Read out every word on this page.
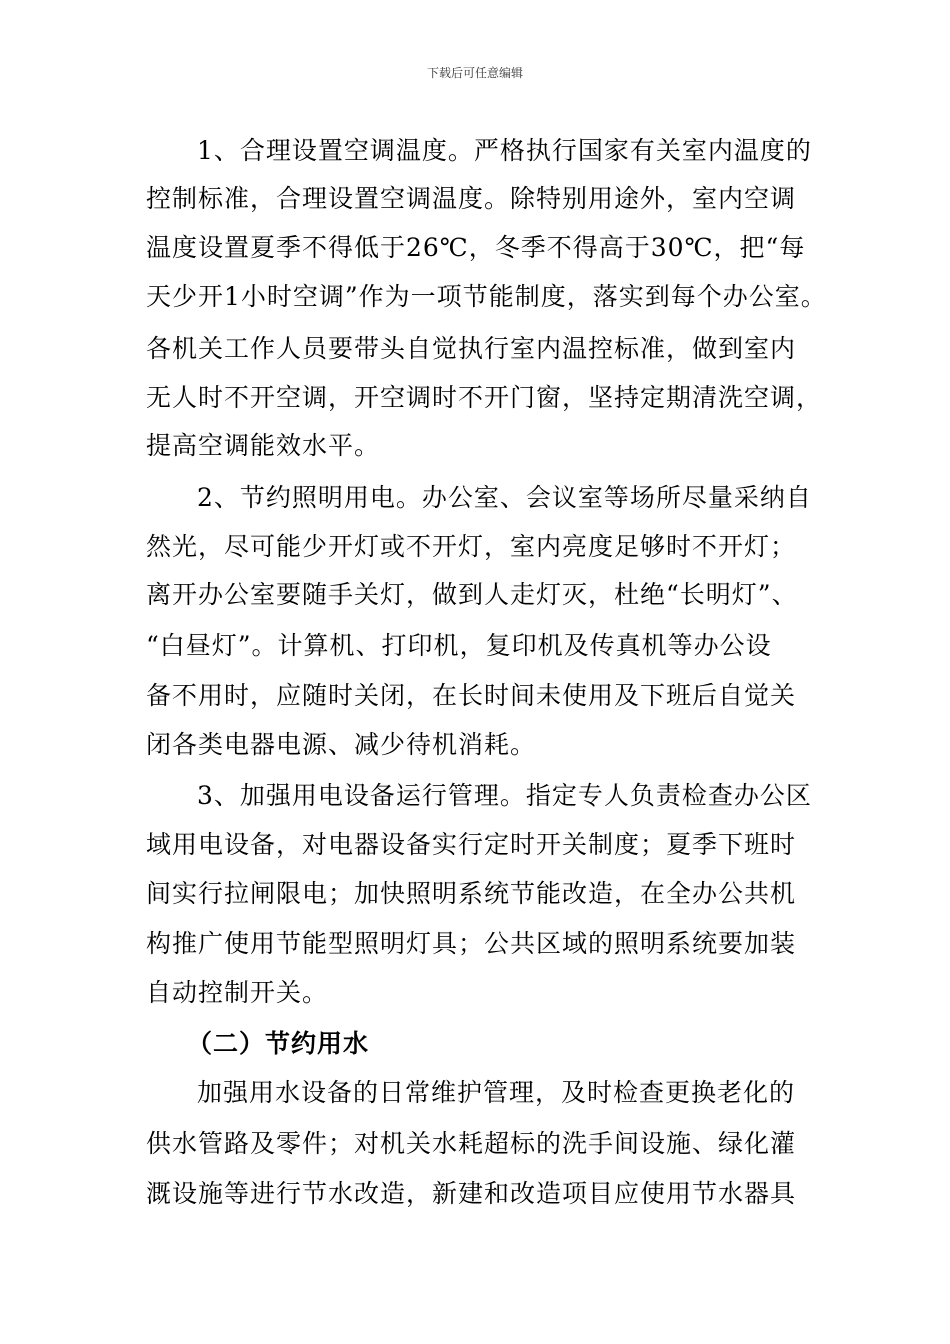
下载后可任意编辑
1、合理设置空调温度。严格执行国家有关室内温度的
控制标准，合理设置空调温度。除特别用途外，室内空调
温度设置夏季不得低于26℃，冬季不得高于30℃，把“每
天少开1小时空调”作为一项节能制度，落实到每个办公室。
各机关工作人员要带头自觉执行室内温控标准，做到室内
无人时不开空调，开空调时不开门窗，坚持定期清洗空调，
提高空调能效水平。
2、节约照明用电。办公室、会议室等场所尽量采纳自
然光，尽可能少开灯或不开灯，室内亮度足够时不开灯；
离开办公室要随手关灯，做到人走灯灭，杜绝“长明灯”、
“白昼灯”。计算机、打印机，复印机及传真机等办公设
备不用时，应随时关闭，在长时间未使用及下班后自觉关
闭各类电器电源、减少待机消耗。
3、加强用电设备运行管理。指定专人负责检查办公区
域用电设备，对电器设备实行定时开关制度；夏季下班时
间实行拉闸限电；加快照明系统节能改造，在全办公共机
构推广使用节能型照明灯具；公共区域的照明系统要加装
自动控制开关。
（二）节约用水
加强用水设备的日常维护管理，及时检查更换老化的
供水管路及零件；对机关水耗超标的洗手间设施、绿化灌
溉设施等进行节水改造，新建和改造项目应使用节水器具
